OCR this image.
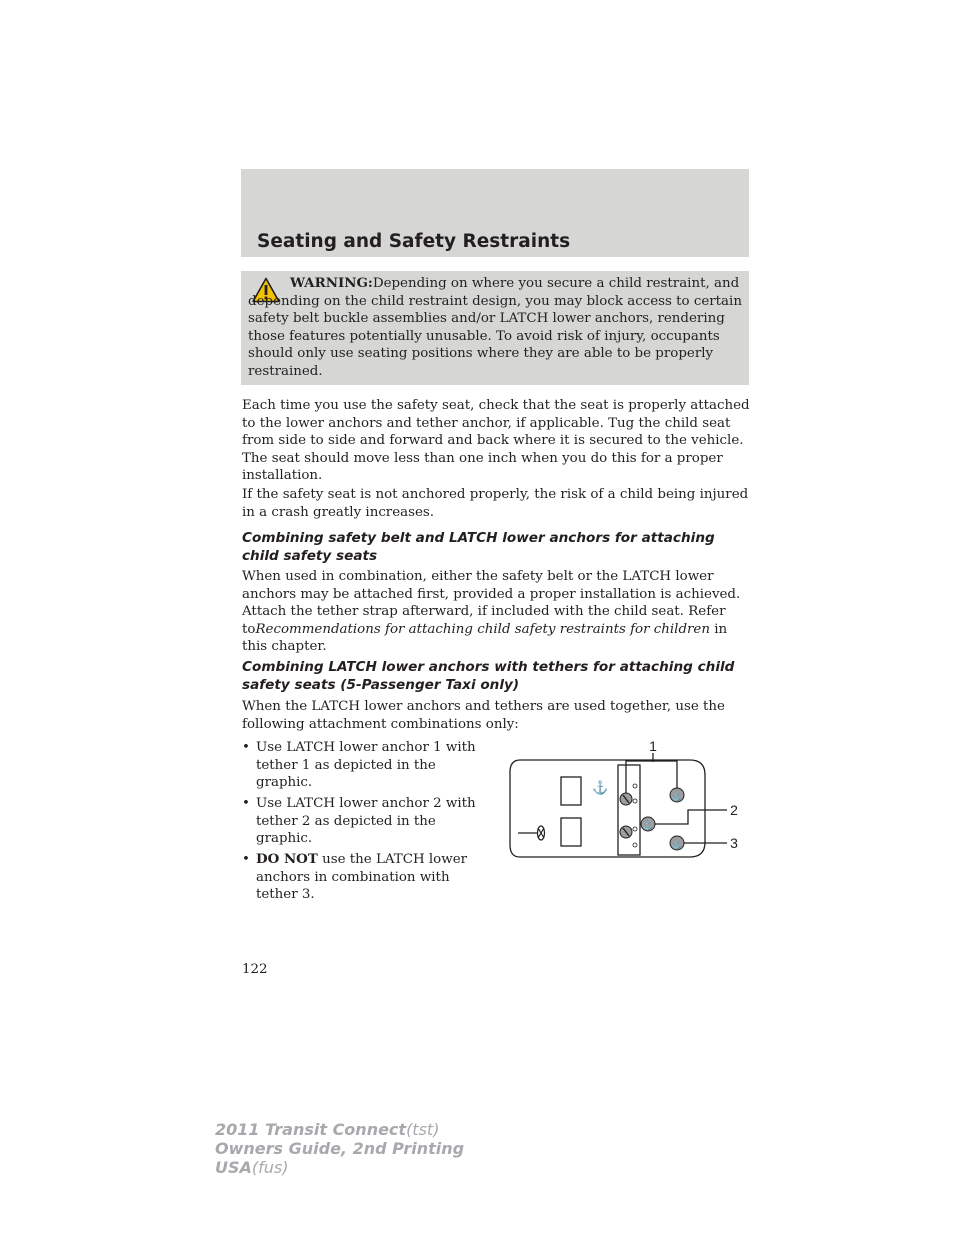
Seating and Safety Restraints

WARNING:Depending on where you secure a child restraint, and depending on the child restraint design, you may block access to certain safety belt buckle assemblies and/or LATCH lower anchors, rendering those features potentially unusable. To avoid risk of injury, occupants should only use seating positions where they are able to be properly restrained.

Each time you use the safety seat, check that the seat is properly attached to the lower anchors and tether anchor, if applicable. Tug the child seat from side to side and forward and back where it is secured to the vehicle. The seat should move less than one inch when you do this for a proper installation.

If the safety seat is not anchored properly, the risk of a child being injured in a crash greatly increases.

Combining safety belt and LATCH lower anchors for attaching child safety seats

When used in combination, either the safety belt or the LATCH lower anchors may be attached first, provided a proper installation is achieved. Attach the tether strap afterward, if included with the child seat. Refer toRecommendations for attaching child safety restraints for children in this chapter.

Combining LATCH lower anchors with tethers for attaching child safety seats (5-Passenger Taxi only)

When the LATCH lower anchors and tethers are used together, use the following attachment combinations only:

• Use LATCH lower anchor 1 with tether 1 as depicted in the graphic.
• Use LATCH lower anchor 2 with tether 2 as depicted in the graphic.
• DO NOT use the LATCH lower anchors in combination with tether 3.
⚓
⚓
⚓
⚓
1
2
3
122
2011 Transit Connect(tst)
Owners Guide, 2nd Printing
USA(fus)
